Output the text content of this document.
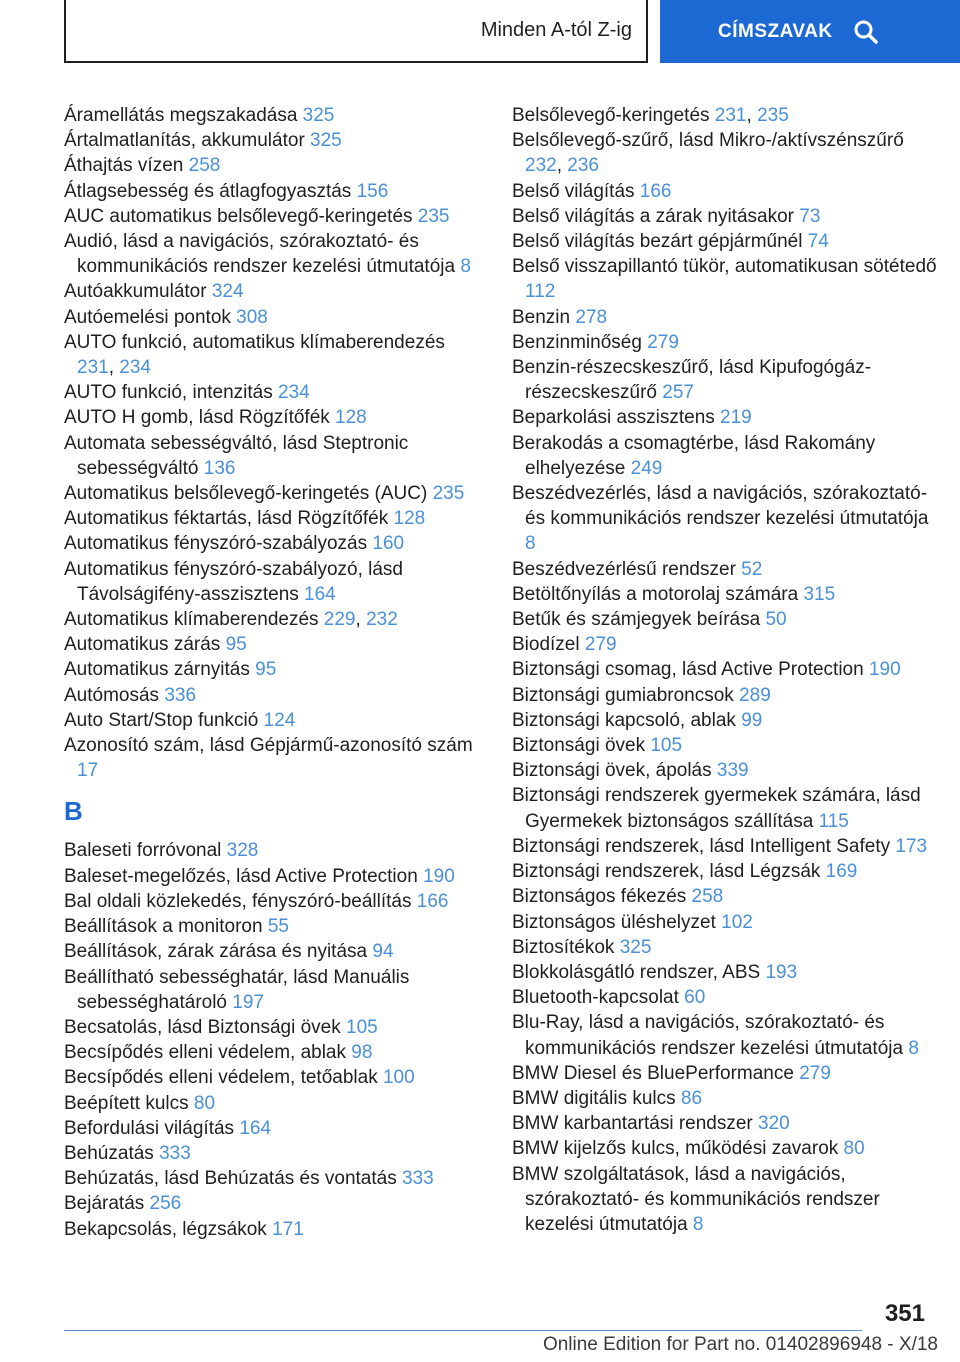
Minden A-tól Z-ig	CÍMSZAVAK
Áramellátás megszakadása 325
Ártalmatlanítás, akkumulátor 325
Áthajtás vízen 258
Átlagsebesség és átlagfogyasztás 156
AUC automatikus belsőlevegő-keringetés 235
Audió, lásd a navigációs, szórakoztató- és kommunikációs rendszer kezelési útmutatója 8
Autóakkumulátor 324
Autóemelési pontok 308
AUTO funkció, automatikus klímaberendezés 231, 234
AUTO funkció, intenzitás 234
AUTO H gomb, lásd Rögzítőfék 128
Automata sebességváltó, lásd Steptronic sebességváltó 136
Automatikus belsőlevegő-keringetés (AUC) 235
Automatikus féktartás, lásd Rögzítőfék 128
Automatikus fényszóró-szabályozás 160
Automatikus fényszóró-szabályozó, lásd Távolságifény-asszisztens 164
Automatikus klímaberendezés 229, 232
Automatikus zárás 95
Automatikus zárnyitás 95
Autómosás 336
Auto Start/Stop funkció 124
Azonosító szám, lásd Gépjármű-azonosító szám 17
B
Baleseti forróvonal 328
Baleset-megelőzés, lásd Active Protection 190
Bal oldali közlekedés, fényszóró-beállítás 166
Beállítások a monitoron 55
Beállítások, zárak zárása és nyitása 94
Beállítható sebességhatár, lásd Manuális sebességhatároló 197
Becsatolás, lásd Biztonsági övek 105
Becsípődés elleni védelem, ablak 98
Becsípődés elleni védelem, tetőablak 100
Beépített kulcs 80
Befordulási világítás 164
Behúzatás 333
Behúzatás, lásd Behúzatás és vontatás 333
Bejáratás 256
Bekapcsolás, légzsákok 171
Belsőlevegő-keringetés 231, 235
Belsőlevegő-szűrő, lásd Mikro-/aktívszénszűrő 232, 236
Belső világítás 166
Belső világítás a zárak nyitásakor 73
Belső világítás bezárt gépjárműnél 74
Belső visszapillantó tükör, automatikusan sötétedő 112
Benzin 278
Benzinminőség 279
Benzin-részecskeszűrő, lásd Kipufogógáz-részecskeszűrő 257
Beparkolási asszisztens 219
Berakodás a csomagtérbe, lásd Rakomány elhelyezése 249
Beszédvezérlés, lásd a navigációs, szórakoztató- és kommunikációs rendszer kezelési útmutatója 8
Beszédvezérlésű rendszer 52
Betöltőnyílás a motorolaj számára 315
Betűk és számjegyek beírása 50
Biodízel 279
Biztonsági csomag, lásd Active Protection 190
Biztonsági gumiabroncsok 289
Biztonsági kapcsoló, ablak 99
Biztonsági övek 105
Biztonsági övek, ápolás 339
Biztonsági rendszerek gyermekek számára, lásd Gyermekek biztonságos szállítása 115
Biztonsági rendszerek, lásd Intelligent Safety 173
Biztonsági rendszerek, lásd Légzsák 169
Biztonságos fékezés 258
Biztonságos üléshelyzet 102
Biztosítékok 325
Blokkolásgátló rendszer, ABS 193
Bluetooth-kapcsolat 60
Blu-Ray, lásd a navigációs, szórakoztató- és kommunikációs rendszer kezelési útmutatója 8
BMW Diesel és BluePerformance 279
BMW digitális kulcs 86
BMW karbantartási rendszer 320
BMW kijelzős kulcs, működési zavarok 80
BMW szolgáltatások, lásd a navigációs, szórakoztató- és kommunikációs rendszer kezelési útmutatója 8
351
Online Edition for Part no. 01402896948 - X/18
